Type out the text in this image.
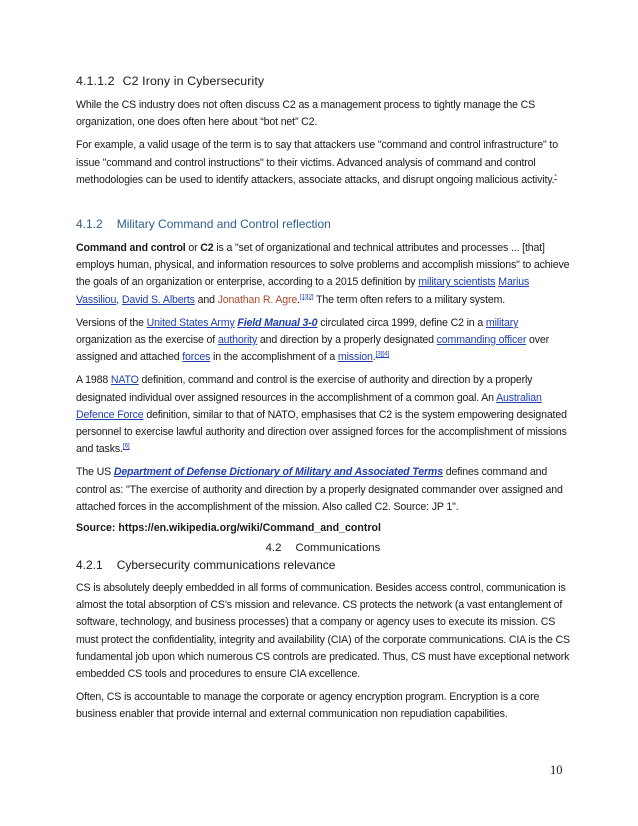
4.1.1.2 C2 Irony in Cybersecurity

While the CS industry does not often discuss C2 as a management process to tightly manage the CS organization, one does often here about “bot net” C2.

For example, a valid usage of the term is to say that attackers use "command and control infrastructure" to issue "command and control instructions" to their victims. Advanced analysis of command and control methodologies can be used to identify attackers, associate attacks, and disrupt ongoing malicious activity.*

4.1.2 Military Command and Control reflection

Command and control or C2 is a "set of organizational and technical attributes and processes ... [that] employs human, physical, and information resources to solve problems and accomplish missions" to achieve the goals of an organization or enterprise, according to a 2015 definition by military scientists Marius Vassiliou, David S. Alberts and Jonathan R. Agre.[1][2] The term often refers to a military system.

Versions of the United States Army Field Manual 3-0 circulated circa 1999, define C2 in a military organization as the exercise of authority and direction by a properly designated commanding officer over assigned and attached forces in the accomplishment of a mission.[3][4]

A 1988 NATO definition, command and control is the exercise of authority and direction by a properly designated individual over assigned resources in the accomplishment of a common goal. An Australian Defence Force definition, similar to that of NATO, emphasises that C2 is the system empowering designated personnel to exercise lawful authority and direction over assigned forces for the accomplishment of missions and tasks.[6]

The US Department of Defense Dictionary of Military and Associated Terms defines command and control as: "The exercise of authority and direction by a properly designated commander over assigned and attached forces in the accomplishment of the mission. Also called C2. Source: JP 1".

Source: https://en.wikipedia.org/wiki/Command_and_control
4.2 Communications
4.2.1 Cybersecurity communications relevance

CS is absolutely deeply embedded in all forms of communication. Besides access control, communication is almost the total absorption of CS’s mission and relevance. CS protects the network (a vast entanglement of software, technology, and business processes) that a company or agency uses to execute its mission. CS must protect the confidentiality, integrity and availability (CIA) of the corporate communications. CIA is the CS fundamental job upon which numerous CS controls are predicated. Thus, CS must have exceptional network embedded CS tools and procedures to ensure CIA excellence.

Often, CS is accountable to manage the corporate or agency encryption program. Encryption is a core business enabler that provide internal and external communication non repudiation capabilities.

10
